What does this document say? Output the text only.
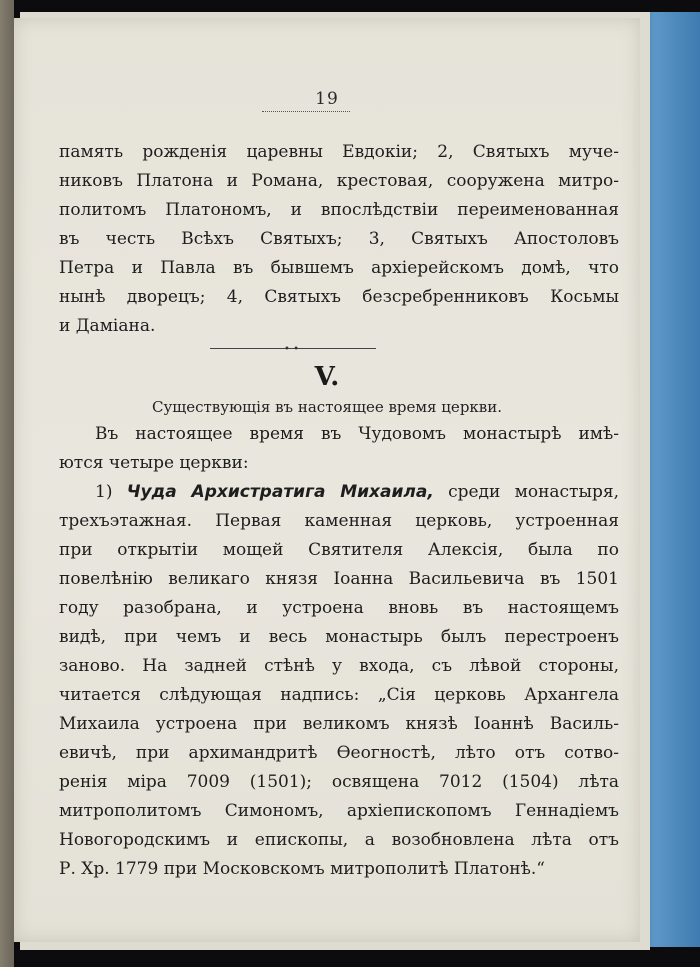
19
память рожденія царевны Евдокіи; 2, Святыхъ муче-
никовъ Платона и Романа, крестовая, сооружена митро-
политомъ Платономъ, и впослѣдствіи переименованная
въ честь Всѣхъ Святыхъ; 3, Святыхъ Апостоловъ
Петра и Павла въ бывшемъ архіерейскомъ домѣ, что
нынѣ дворецъ; 4, Святыхъ безсребренниковъ Косьмы
и Даміана.
• •
V.
Существующія въ настоящее время церкви.
Въ настоящее время въ Чудовомъ монастырѣ имѣ-
ются четыре церкви:
1) Чуда Архистратига Михаила, среди монастыря,
трехъэтажная. Первая каменная церковь, устроенная
при открытіи мощей Святителя Алексія, была по
повелѣнію великаго князя Іоанна Васильевича въ 1501
году разобрана, и устроена вновь въ настоящемъ
видѣ, при чемъ и весь монастырь былъ перестроенъ
заново. На задней стѣнѣ у входа, съ лѣвой стороны,
читается слѣдующая надпись: „Сія церковь Архангела
Михаила устроена при великомъ князѣ Іоаннѣ Василь-
евичѣ, при архимандритѣ Ѳеогностѣ, лѣто отъ сотво-
ренія міра 7009 (1501); освящена 7012 (1504) лѣта
митрополитомъ Симономъ, архіепископомъ Геннадіемъ
Новогородскимъ и епископы, а возобновлена лѣта отъ
Р. Хр. 1779 при Московскомъ митрополитѣ Платонѣ.“
